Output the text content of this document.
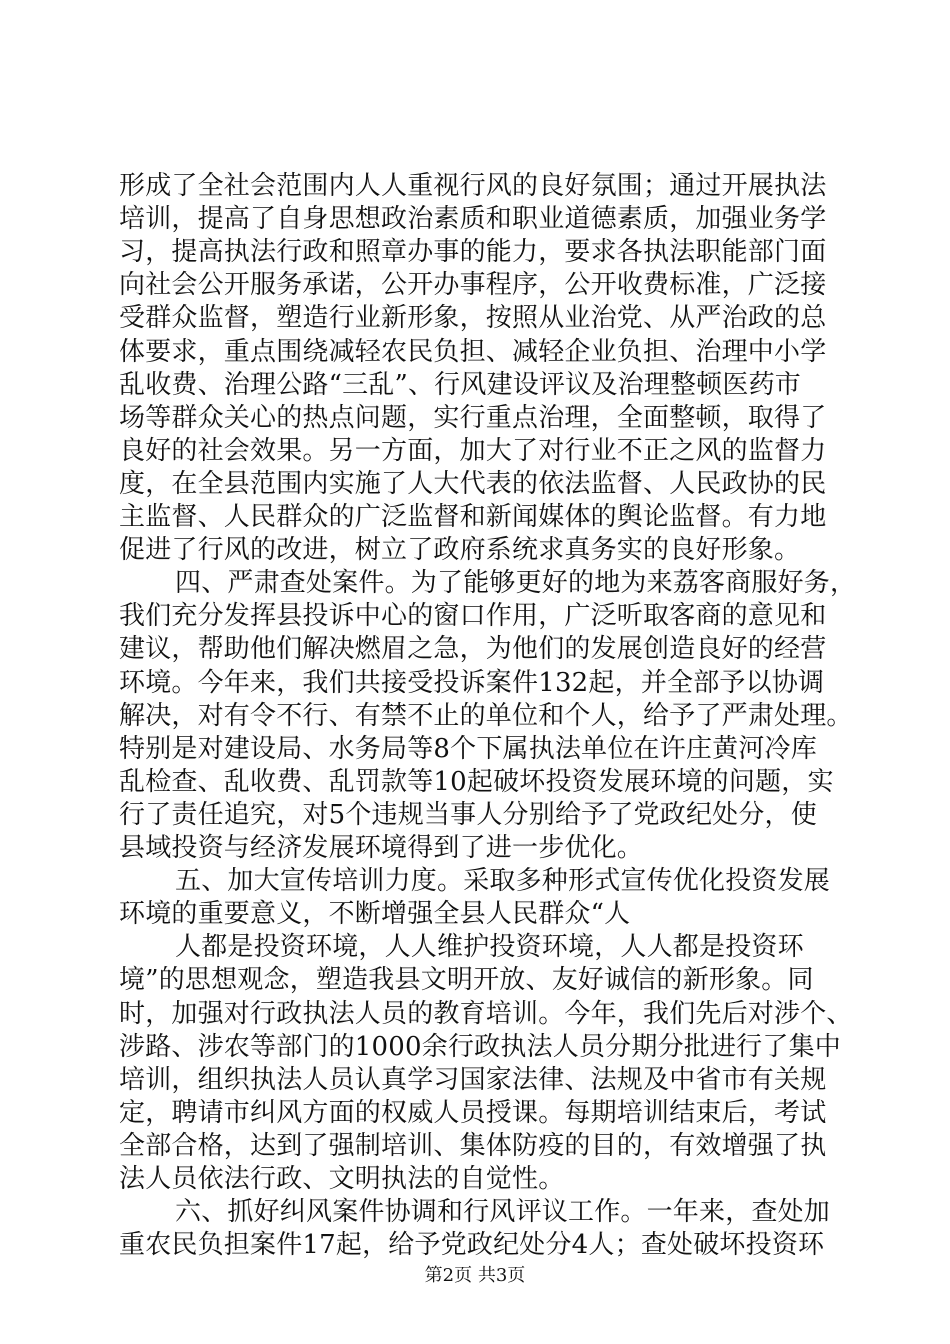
形成了全社会范围内人人重视行风的良好氛围；通过开展执法
培训，提高了自身思想政治素质和职业道德素质，加强业务学
习，提高执法行政和照章办事的能力，要求各执法职能部门面
向社会公开服务承诺，公开办事程序，公开收费标准，广泛接
受群众监督，塑造行业新形象，按照从业治党、从严治政的总
体要求，重点围绕减轻农民负担、减轻企业负担、治理中小学
乱收费、治理公路“三乱”、行风建设评议及治理整顿医药市
场等群众关心的热点问题，实行重点治理，全面整顿，取得了
良好的社会效果。另一方面，加大了对行业不正之风的监督力
度，在全县范围内实施了人大代表的依法监督、人民政协的民
主监督、人民群众的广泛监督和新闻媒体的舆论监督。有力地
促进了行风的改进，树立了政府系统求真务实的良好形象。
四、严肃查处案件。为了能够更好的地为来荔客商服好务，
我们充分发挥县投诉中心的窗口作用，广泛听取客商的意见和
建议，帮助他们解决燃眉之急，为他们的发展创造良好的经营
环境。今年来，我们共接受投诉案件132起，并全部予以协调
解决，对有令不行、有禁不止的单位和个人，给予了严肃处理。
特别是对建设局、水务局等8个下属执法单位在许庄黄河冷库
乱检查、乱收费、乱罚款等10起破坏投资发展环境的问题，实
行了责任追究，对5个违规当事人分别给予了党政纪处分，使
县域投资与经济发展环境得到了进一步优化。
五、加大宣传培训力度。采取多种形式宣传优化投资发展
环境的重要意义，不断增强全县人民群众“人
人都是投资环境，人人维护投资环境，人人都是投资环
境”的思想观念，塑造我县文明开放、友好诚信的新形象。同
时，加强对行政执法人员的教育培训。今年，我们先后对涉个、
涉路、涉农等部门的1000余行政执法人员分期分批进行了集中
培训，组织执法人员认真学习国家法律、法规及中省市有关规
定，聘请市纠风方面的权威人员授课。每期培训结束后，考试
全部合格，达到了强制培训、集体防疫的目的，有效增强了执
第2页 共3页
法人员依法行政、文明执法的自觉性。
六、抓好纠风案件协调和行风评议工作。一年来，查处加
重农民负担案件17起，给予党政纪处分4人；查处破坏投资环
